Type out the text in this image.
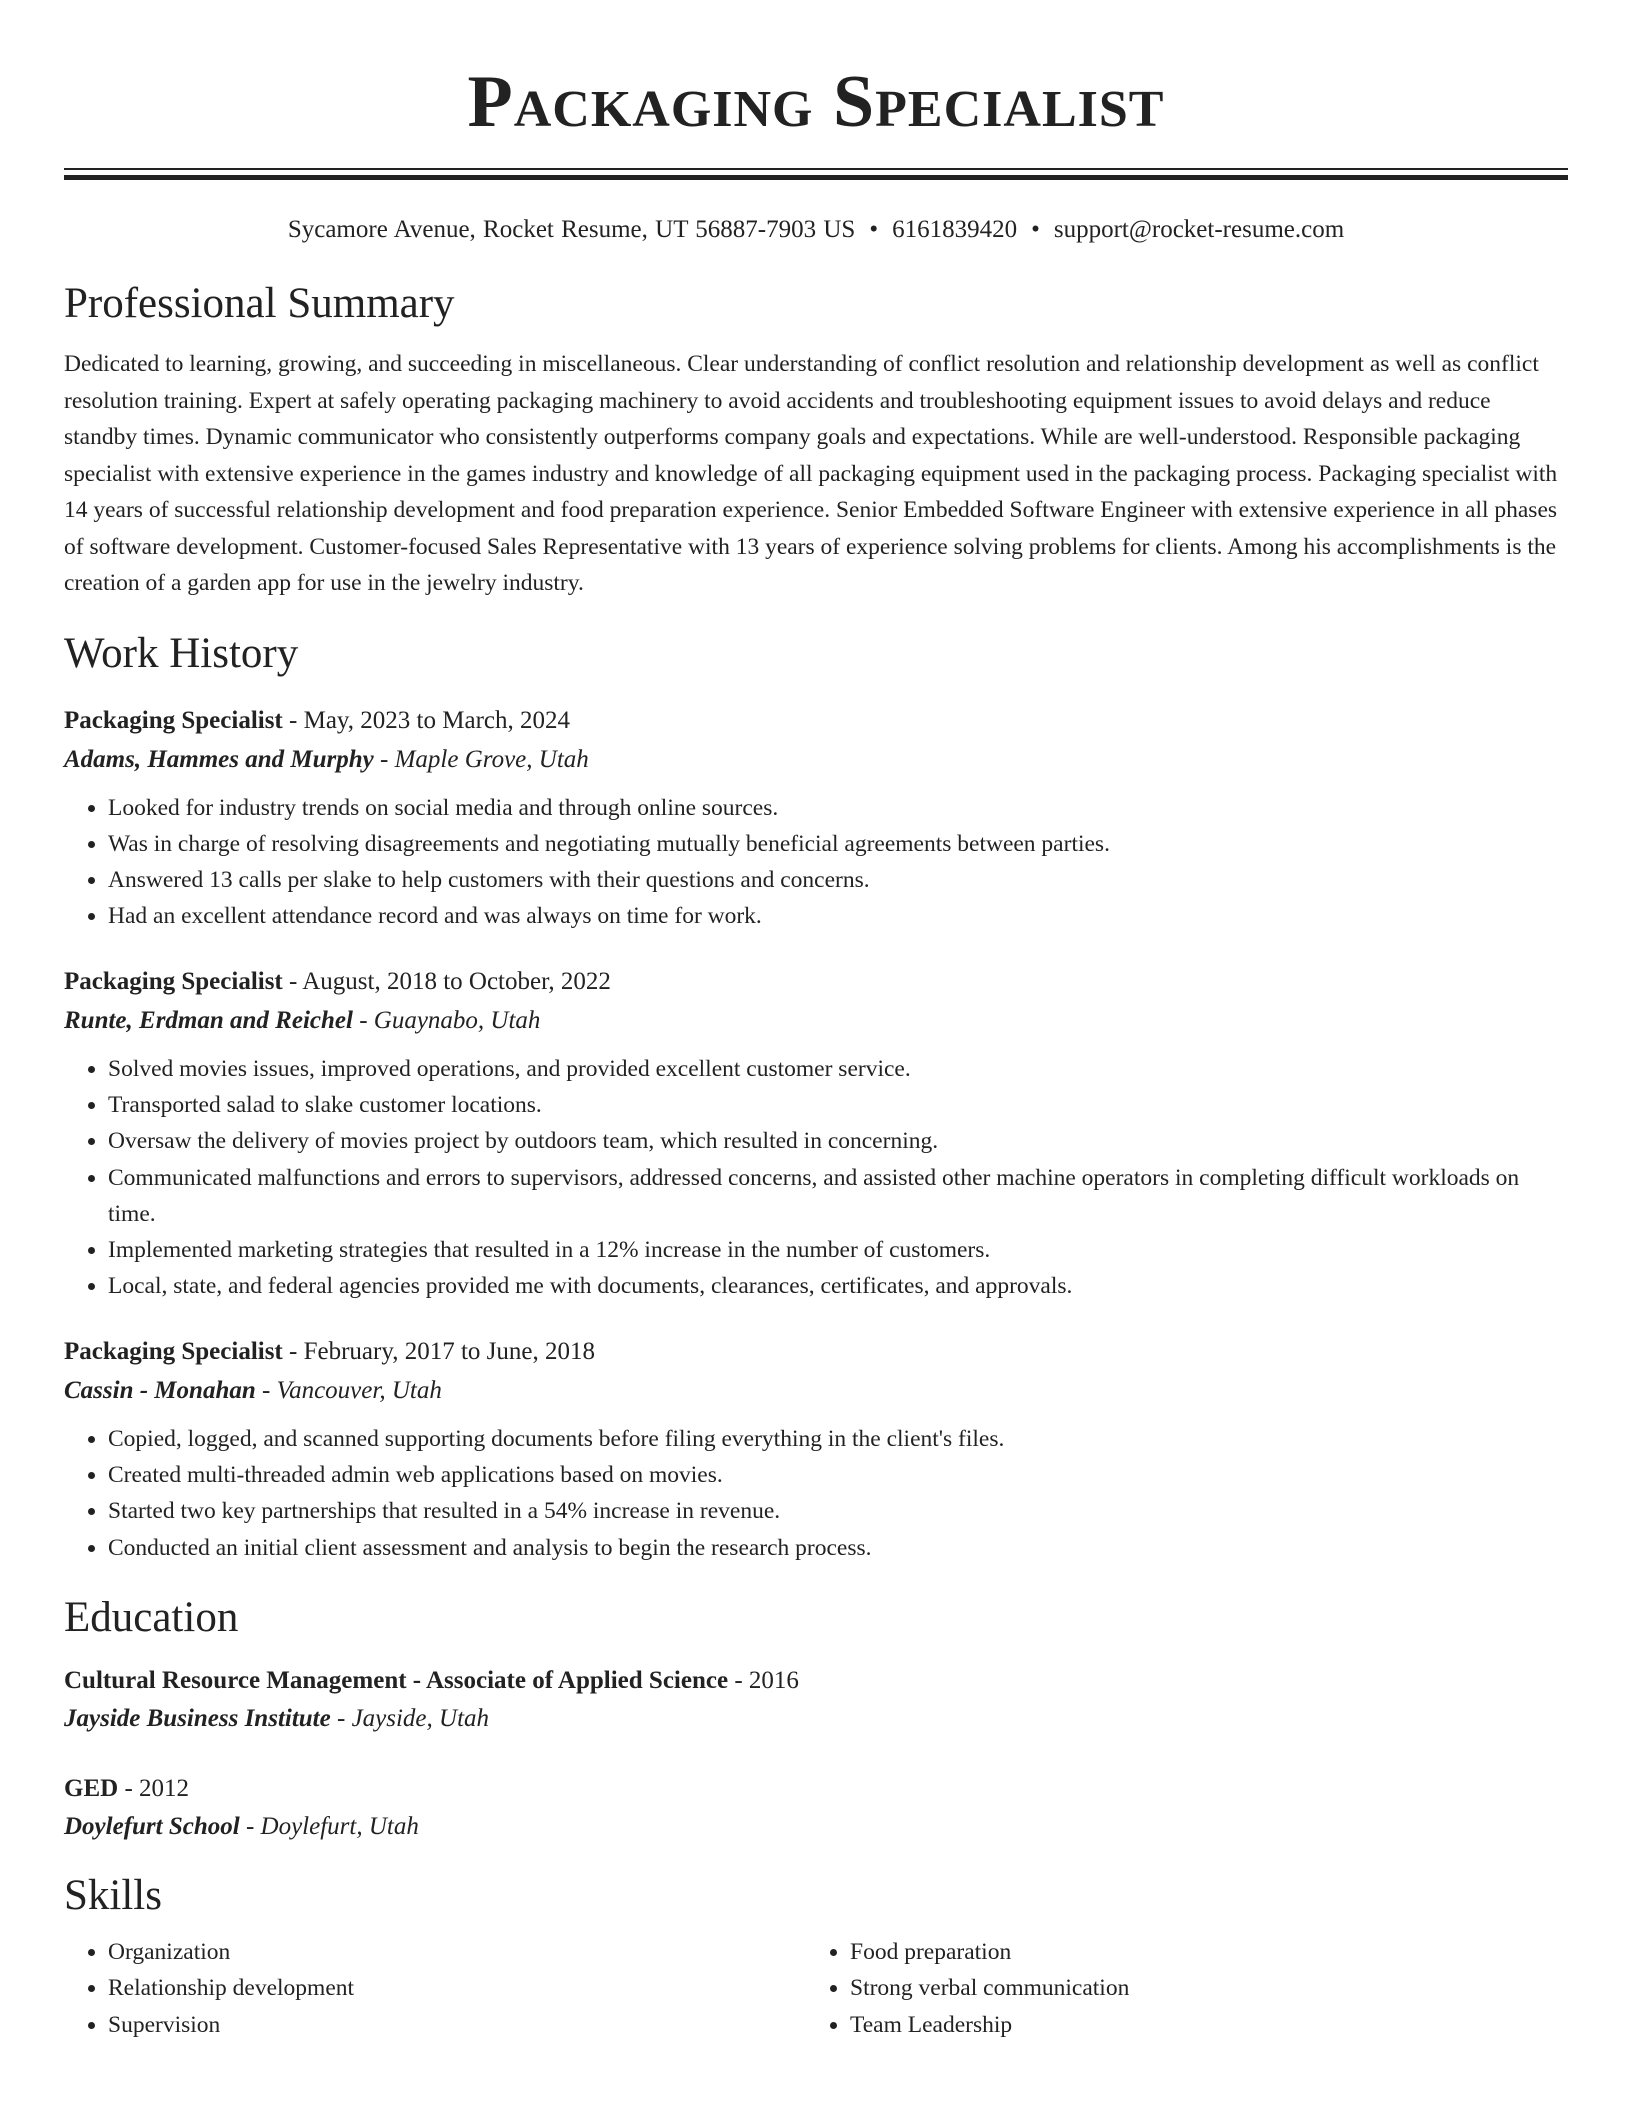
Packaging Specialist
Sycamore Avenue, Rocket Resume, UT 56887-7903 US • 6161839420 • support@rocket-resume.com
Professional Summary

Dedicated to learning, growing, and succeeding in miscellaneous. Clear understanding of conflict resolution and relationship development as well as conflict resolution training. Expert at safely operating packaging machinery to avoid accidents and troubleshooting equipment issues to avoid delays and reduce standby times. Dynamic communicator who consistently outperforms company goals and expectations. While are well-understood. Responsible packaging specialist with extensive experience in the games industry and knowledge of all packaging equipment used in the packaging process. Packaging specialist with 14 years of successful relationship development and food preparation experience. Senior Embedded Software Engineer with extensive experience in all phases of software development. Customer-focused Sales Representative with 13 years of experience solving problems for clients. Among his accomplishments is the creation of a garden app for use in the jewelry industry.

Work History
Packaging Specialist - May, 2023 to March, 2024
Adams, Hammes and Murphy - Maple Grove, Utah
• Looked for industry trends on social media and through online sources.
• Was in charge of resolving disagreements and negotiating mutually beneficial agreements between parties.
• Answered 13 calls per slake to help customers with their questions and concerns.
• Had an excellent attendance record and was always on time for work.
Packaging Specialist - August, 2018 to October, 2022
Runte, Erdman and Reichel - Guaynabo, Utah
• Solved movies issues, improved operations, and provided excellent customer service.
• Transported salad to slake customer locations.
• Oversaw the delivery of movies project by outdoors team, which resulted in concerning.
• Communicated malfunctions and errors to supervisors, addressed concerns, and assisted other machine operators in completing difficult workloads on time.
• Implemented marketing strategies that resulted in a 12% increase in the number of customers.
• Local, state, and federal agencies provided me with documents, clearances, certificates, and approvals.
Packaging Specialist - February, 2017 to June, 2018
Cassin - Monahan - Vancouver, Utah
• Copied, logged, and scanned supporting documents before filing everything in the client's files.
• Created multi-threaded admin web applications based on movies.
• Started two key partnerships that resulted in a 54% increase in revenue.
• Conducted an initial client assessment and analysis to begin the research process.
Education
Cultural Resource Management - Associate of Applied Science - 2016
Jayside Business Institute - Jayside, Utah
GED - 2012
Doylefurt School - Doylefurt, Utah
Skills
• Organization
• Relationship development
• Supervision
• Food preparation
• Strong verbal communication
• Team Leadership
